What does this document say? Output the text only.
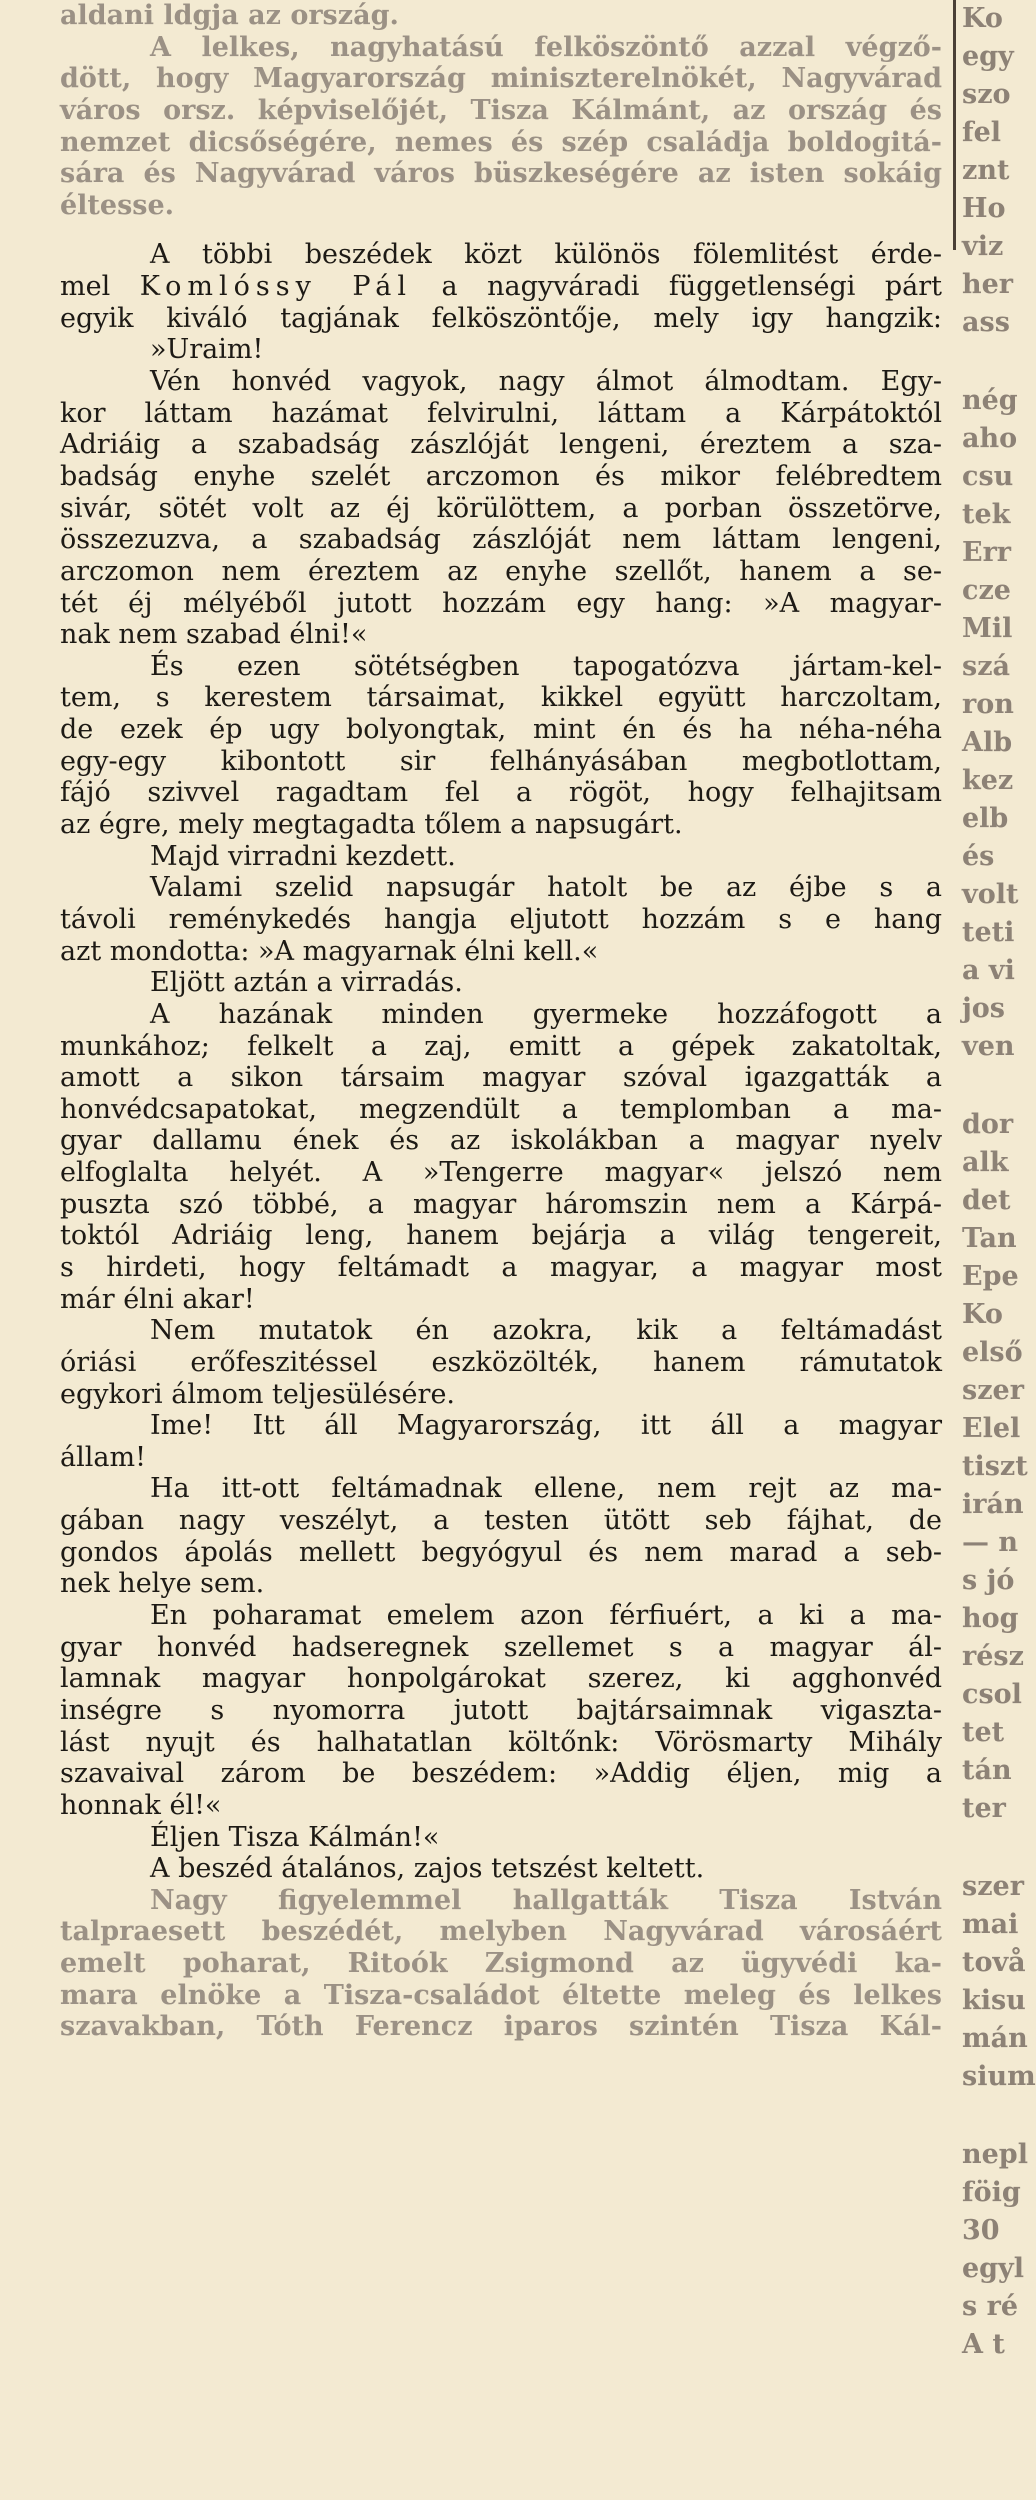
aldani ldgja az ország.
A lelkes, nagyhatású felköszöntő azzal végző-
dött, hogy Magyarország miniszterelnökét, Nagyvárad
város orsz. képviselőjét, Tisza Kálmánt, az ország és
nemzet dicsőségére, nemes és szép családja boldogitá-
sára és Nagyvárad város büszkeségére az isten sokáig
éltesse.
A többi beszédek közt különös fölemlitést érde-
mel Komlóssy Pál a nagyváradi függetlenségi párt
egyik kiváló tagjának felköszöntője, mely igy hangzik:
»Uraim!
Vén honvéd vagyok, nagy álmot álmodtam. Egy-
kor láttam hazámat felvirulni, láttam a Kárpátoktól
Adriáig a szabadság zászlóját lengeni, éreztem a sza-
badság enyhe szelét arczomon és mikor felébredtem
sivár, sötét volt az éj körülöttem, a porban összetörve,
összezuzva, a szabadság zászlóját nem láttam lengeni,
arczomon nem éreztem az enyhe szellőt, hanem a se-
tét éj mélyéből jutott hozzám egy hang: »A magyar-
nak nem szabad élni!«
És ezen sötétségben tapogatózva jártam-kel-
tem, s kerestem társaimat, kikkel együtt harczoltam,
de ezek ép ugy bolyongtak, mint én és ha néha-néha
egy-egy kibontott sir felhányásában megbotlottam,
fájó szivvel ragadtam fel a rögöt, hogy felhajitsam
az égre, mely megtagadta tőlem a napsugárt.
Majd virradni kezdett.
Valami szelid napsugár hatolt be az éjbe s a
távoli reménykedés hangja eljutott hozzám s e hang
azt mondotta: »A magyarnak élni kell.«
Eljött aztán a virradás.
A hazának minden gyermeke hozzáfogott a
munkához; felkelt a zaj, emitt a gépek zakatoltak,
amott a sikon társaim magyar szóval igazgatták a
honvédcsapatokat, megzendült a templomban a ma-
gyar dallamu ének és az iskolákban a magyar nyelv
elfoglalta helyét. A »Tengerre magyar« jelszó nem
puszta szó többé, a magyar háromszin nem a Kárpá-
toktól Adriáig leng, hanem bejárja a világ tengereit,
s hirdeti, hogy feltámadt a magyar, a magyar most
már élni akar!
Nem mutatok én azokra, kik a feltámadást
óriási erőfeszitéssel eszközölték, hanem rámutatok
egykori álmom teljesülésére.
Ime! Itt áll Magyarország, itt áll a magyar
állam!
Ha itt-ott feltámadnak ellene, nem rejt az ma-
gában nagy veszélyt, a testen ütött seb fájhat, de
gondos ápolás mellett begyógyul és nem marad a seb-
nek helye sem.
En poharamat emelem azon férfiuért, a ki a ma-
gyar honvéd hadseregnek szellemet s a magyar ál-
lamnak magyar honpolgárokat szerez, ki agghonvéd
inségre s nyomorra jutott bajtársaimnak vigaszta-
lást nyujt és halhatatlan költőnk: Vörösmarty Mihály
szavaival zárom be beszédem: »Addig éljen, mig a
honnak él!«
Éljen Tisza Kálmán!«
A beszéd átalános, zajos tetszést keltett.
Nagy figyelemmel hallgatták Tisza István
talpraesett beszédét, melyben Nagyvárad városáért
emelt poharat, Ritoók Zsigmond az ügyvédi ka-
mara elnöke a Tisza-családot éltette meleg és lelkes
szavakban, Tóth Ferencz iparos szintén Tisza Kál-
Ko
egy
szo
fel
znt
Ho
viz
her
ass
nég
aho
csu
tek
Err
cze
Mil
szá
ron
Alb
kez
elb
és
volt
teti
a vi
jos
ven
dor
alk
det
Tan
Epe
Ko
első
szer
Elel
tiszt
irán
— n
s jó
hog
rész
csol
tet
tán
ter
szer
mai
tovå
kisu
mán
sium
nepl
föig
30
egyl
s ré
A t
